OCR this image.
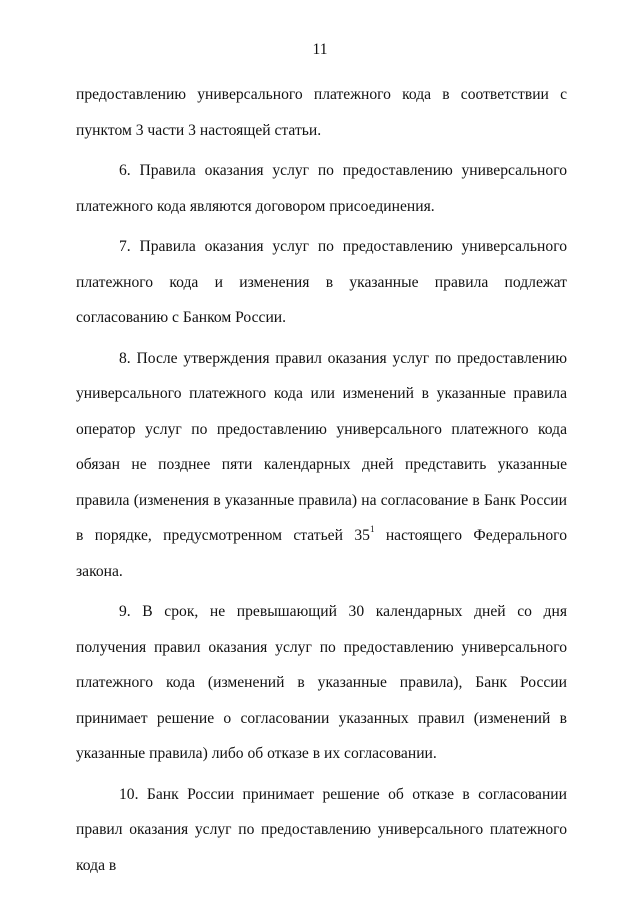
11

предоставлению универсального платежного кода в соответствии с пунктом 3 части 3 настоящей статьи.

6. Правила оказания услуг по предоставлению универсального платежного кода являются договором присоединения.

7. Правила оказания услуг по предоставлению универсального платежного кода и изменения в указанные правила подлежат согласованию с Банком России.

8. После утверждения правил оказания услуг по предоставлению универсального платежного кода или изменений в указанные правила оператор услуг по предоставлению универсального платежного кода обязан не позднее пяти календарных дней представить указанные правила (изменения в указанные правила) на согласование в Банк России в порядке, предусмотренном статьей $35^1$ настоящего Федерального закона.

9. В срок, не превышающий 30 календарных дней со дня получения правил оказания услуг по предоставлению универсального платежного кода (изменений в указанные правила), Банк России принимает решение о согласовании указанных правил (изменений в указанные правила) либо об отказе в их согласовании.

10. Банк России принимает решение об отказе в согласовании правил оказания услуг по предоставлению универсального платежного кода в
